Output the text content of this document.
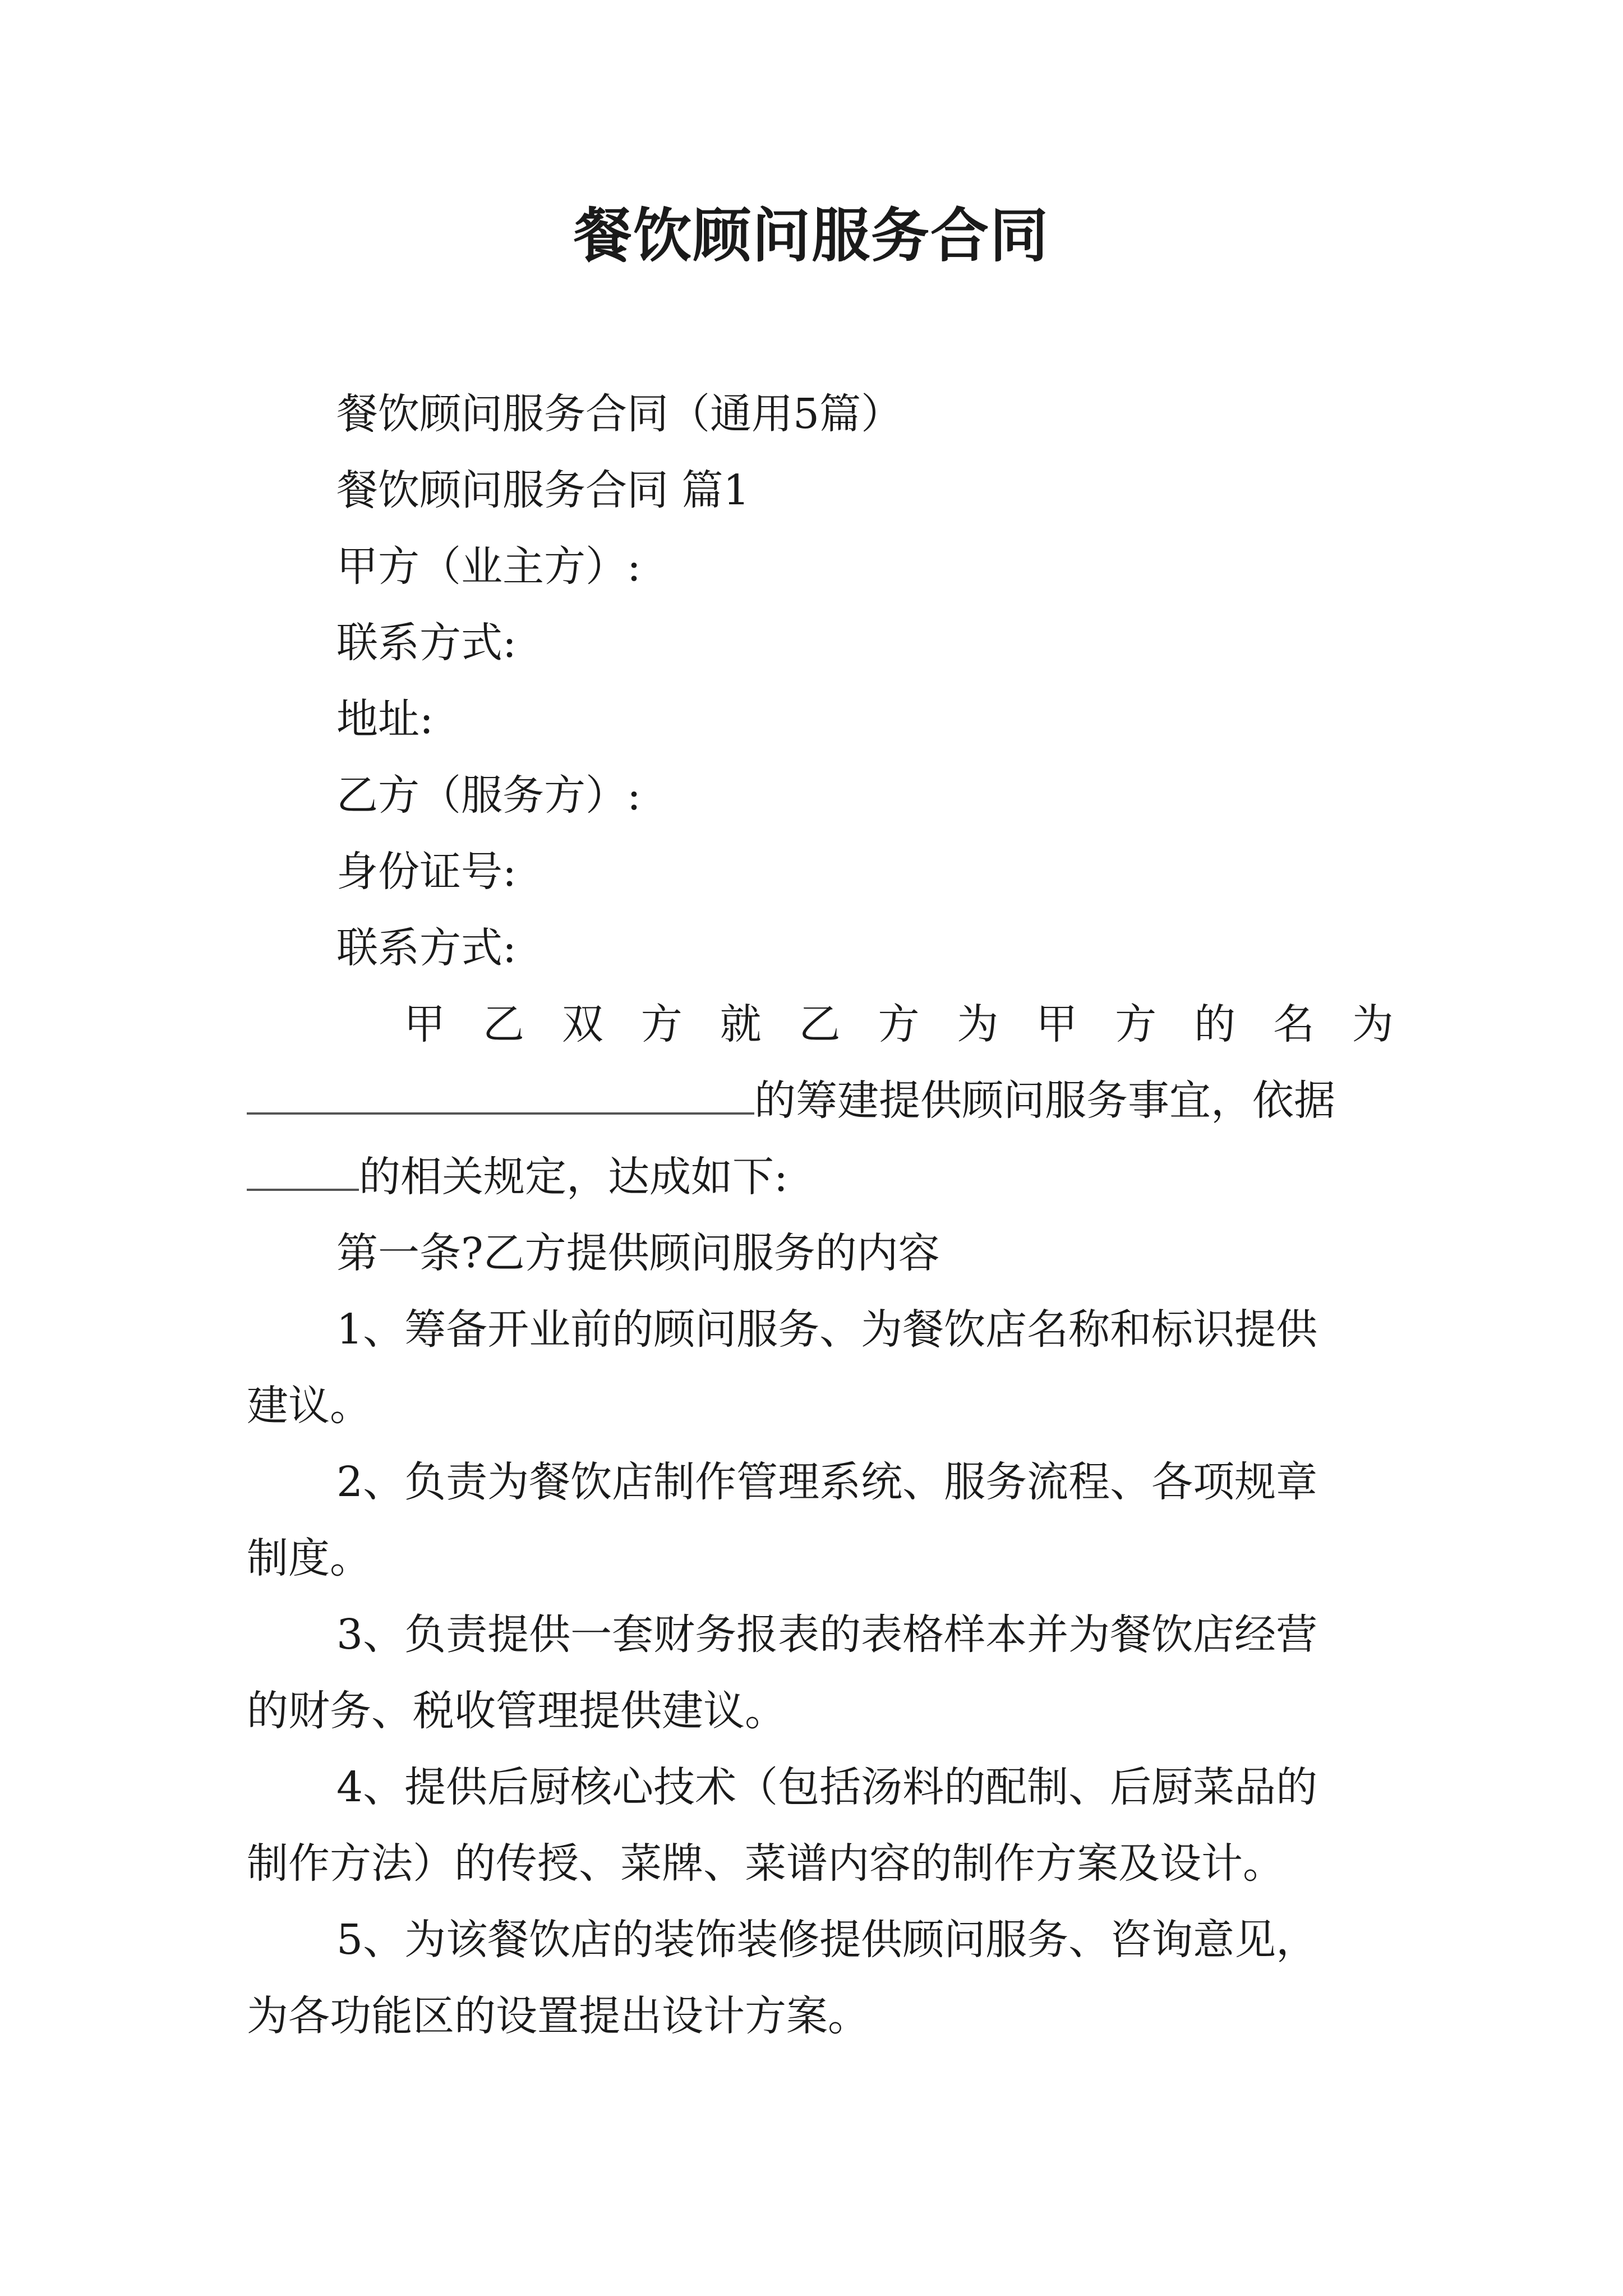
餐饮顾问服务合同
餐饮顾问服务合同（通用5篇）
餐饮顾问服务合同 篇1
甲方（业主方）:
联系方式:
地址:
乙方（服务方）:
身份证号:
联系方式:
甲 乙 双 方 就 乙 方 为 甲 方 的 名 为
的筹建提供顾问服务事宜，依据
的相关规定，达成如下:
第一条?乙方提供顾问服务的内容
1、筹备开业前的顾问服务、为餐饮店名称和标识提供
建议。
2、负责为餐饮店制作管理系统、服务流程、各项规章
制度。
3、负责提供一套财务报表的表格样本并为餐饮店经营
的财务、税收管理提供建议。
4、提供后厨核心技术（包括汤料的配制、后厨菜品的
制作方法）的传授、菜牌、菜谱内容的制作方案及设计。
5、为该餐饮店的装饰装修提供顾问服务、咨询意见，
为各功能区的设置提出设计方案。
